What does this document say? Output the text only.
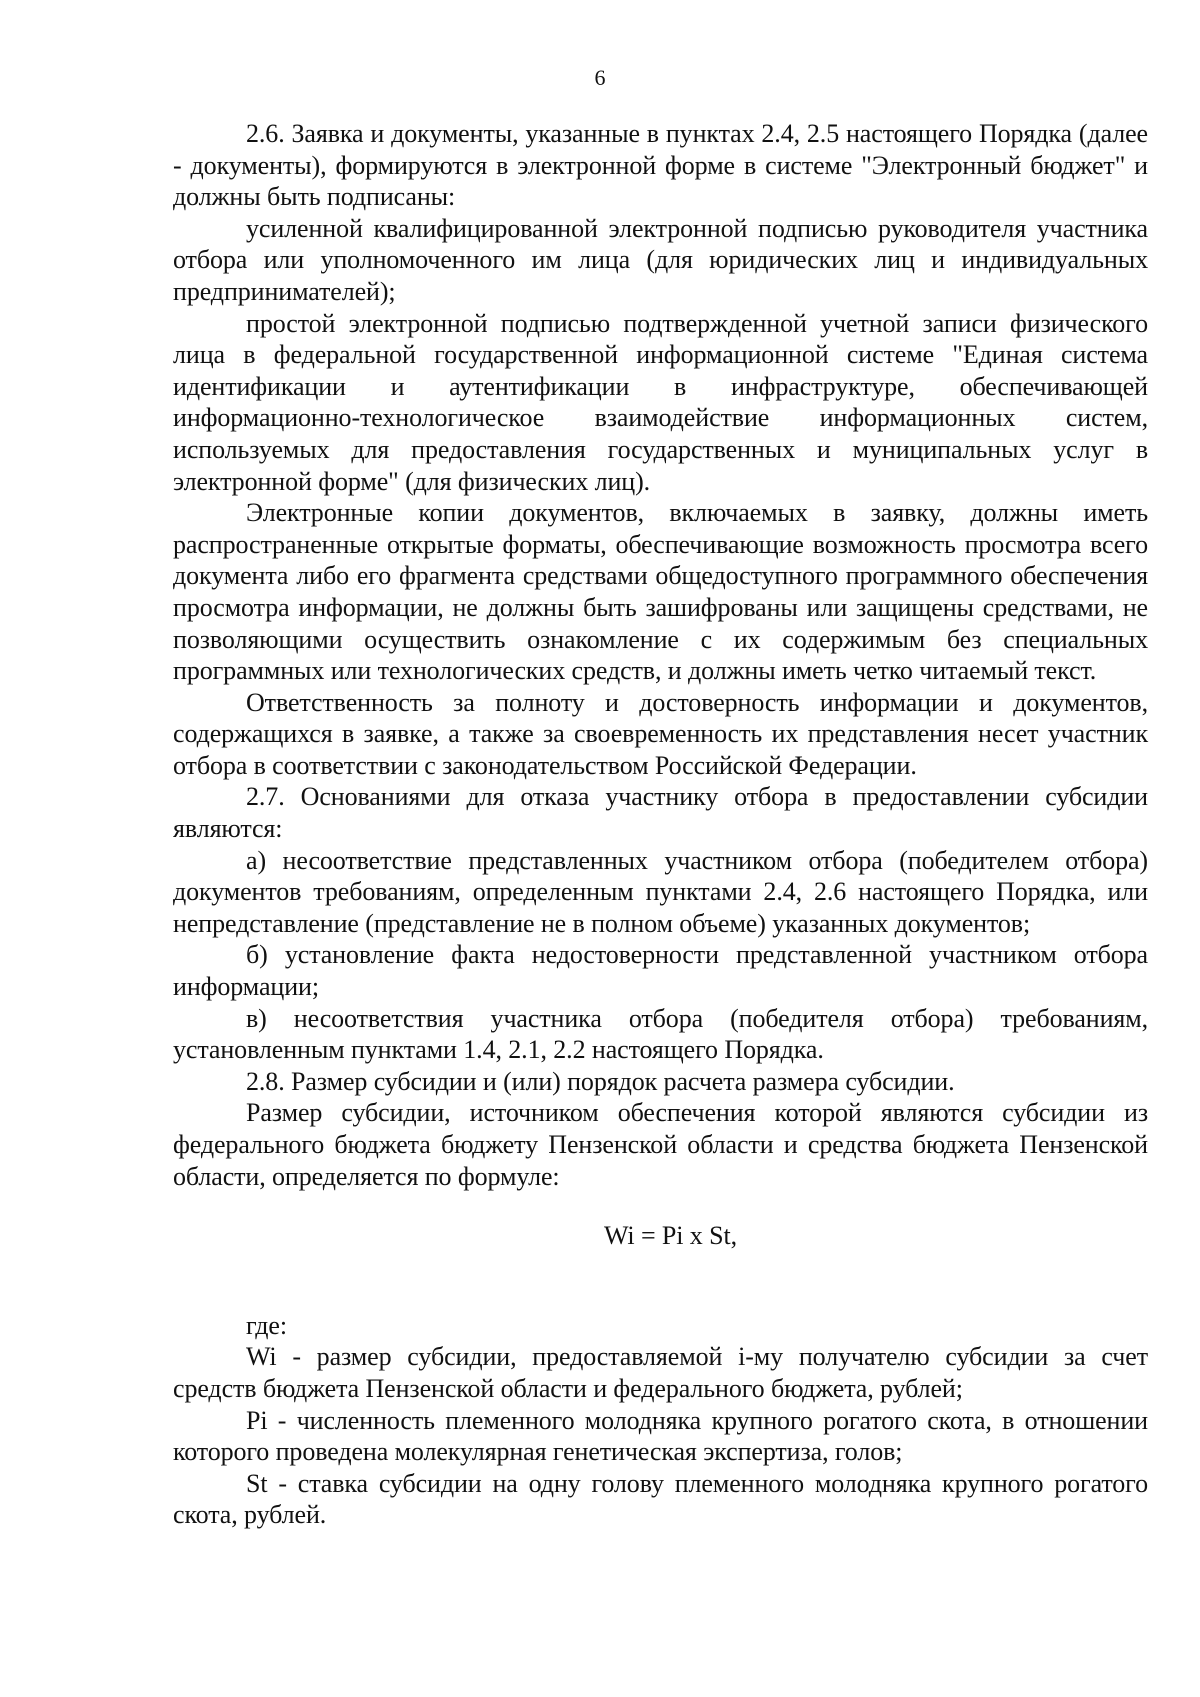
6

2.6. Заявка и документы, указанные в пунктах 2.4, 2.5 настоящего Порядка (далее - документы), формируются в электронной форме в системе "Электронный бюджет" и должны быть подписаны:

усиленной квалифицированной электронной подписью руководителя участника отбора или уполномоченного им лица (для юридических лиц и индивидуальных предпринимателей);

простой электронной подписью подтвержденной учетной записи физического лица в федеральной государственной информационной системе "Единая система идентификации и аутентификации в инфраструктуре, обеспечивающей информационно-технологическое взаимодействие информационных систем, используемых для предоставления государственных и муниципальных услуг в электронной форме" (для физических лиц).

Электронные копии документов, включаемых в заявку, должны иметь распространенные открытые форматы, обеспечивающие возможность просмотра всего документа либо его фрагмента средствами общедоступного программного обеспечения просмотра информации, не должны быть зашифрованы или защищены средствами, не позволяющими осуществить ознакомление с их содержимым без специальных программных или технологических средств, и должны иметь четко читаемый текст.

Ответственность за полноту и достоверность информации и документов, содержащихся в заявке, а также за своевременность их представления несет участник отбора в соответствии с законодательством Российской Федерации.

2.7. Основаниями для отказа участнику отбора в предоставлении субсидии являются:

а) несоответствие представленных участником отбора (победителем отбора) документов требованиям, определенным пунктами 2.4, 2.6 настоящего Порядка, или непредставление (представление не в полном объеме) указанных документов;

б) установление факта недостоверности представленной участником отбора информации;

в) несоответствия участника отбора (победителя отбора) требованиям, установленным пунктами 1.4, 2.1, 2.2 настоящего Порядка.

2.8. Размер субсидии и (или) порядок расчета размера субсидии.

Размер субсидии, источником обеспечения которой являются субсидии из федерального бюджета бюджету Пензенской области и средства бюджета Пензенской области, определяется по формуле:

Wi = Pi x St,

где:

Wi - размер субсидии, предоставляемой i-му получателю субсидии за счет средств бюджета Пензенской области и федерального бюджета, рублей;

Pi - численность племенного молодняка крупного рогатого скота, в отношении которого проведена молекулярная генетическая экспертиза, голов;

St - ставка субсидии на одну голову племенного молодняка крупного рогатого скота, рублей.
